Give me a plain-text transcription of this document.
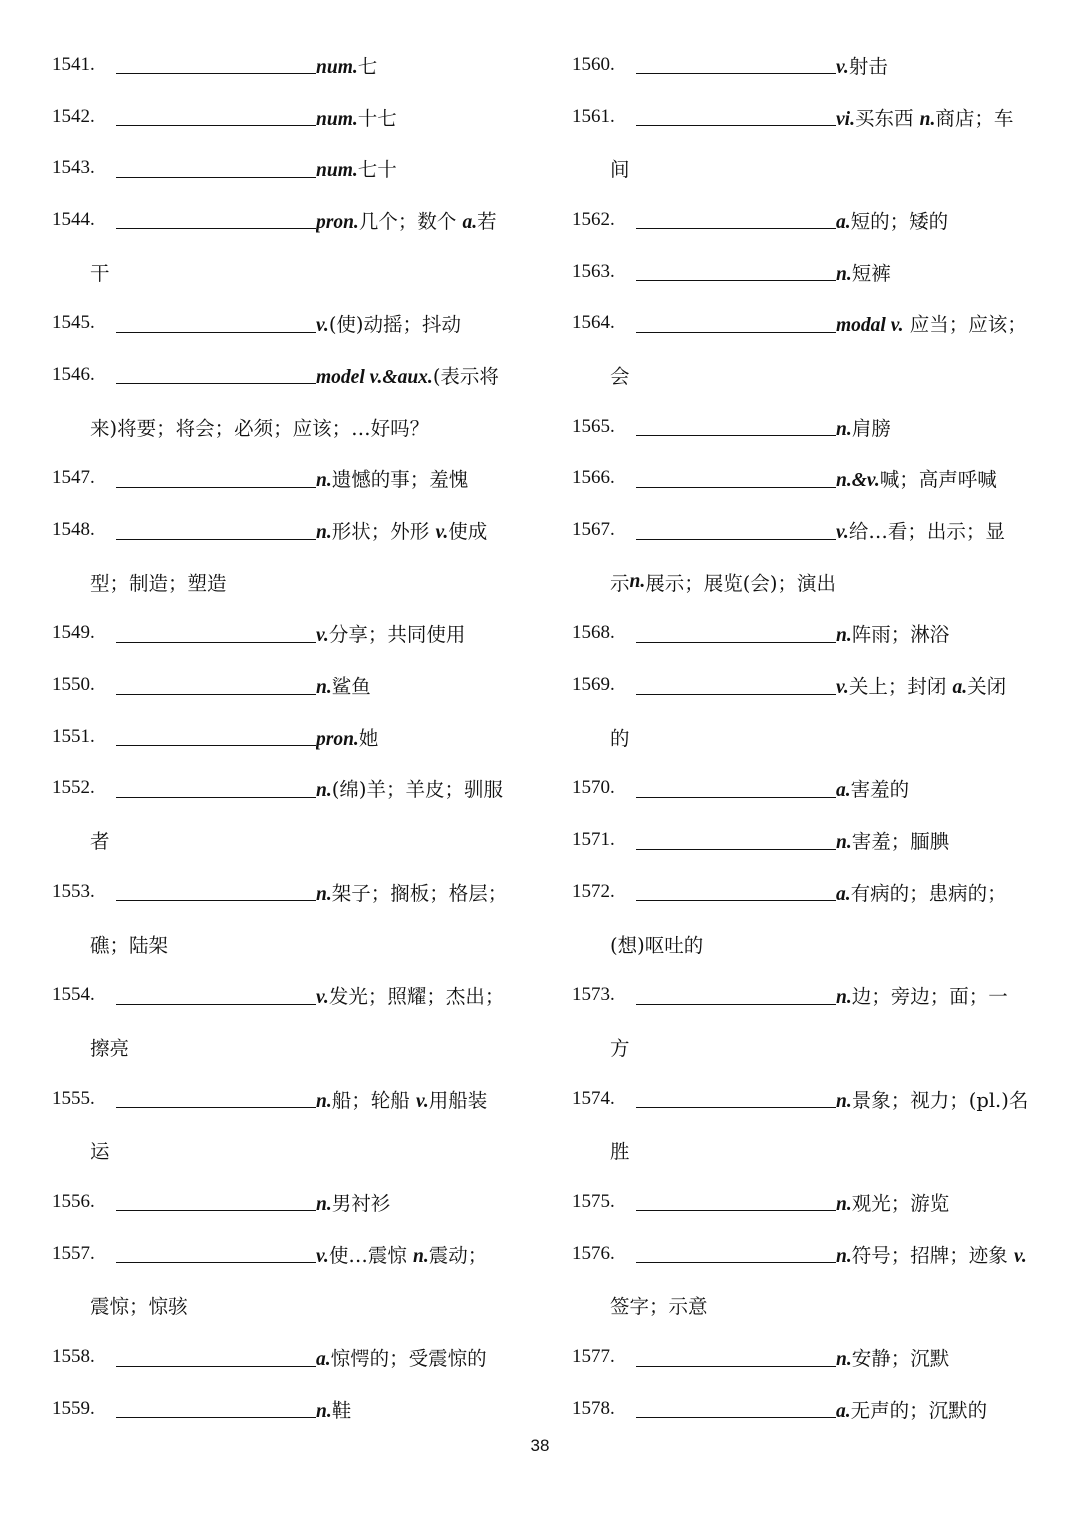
1541.	num.七
1542.	num.十七
1543.	num.七十
1544.	pron.几个；数个 a.若
干
1545.	v.(使)动摇；抖动
1546.	model v.&aux.(表示将
来)将要；将会；必须；应该；…好吗？
1547.	n.遗憾的事；羞愧
1548.	n.形状；外形 v.使成
型；制造；塑造
1549.	v.分享；共同使用
1550.	n.鲨鱼
1551.	pron.她
1552.	n.(绵)羊；羊皮；驯服
者
1553.	n.架子；搁板；格层；
礁；陆架
1554.	v.发光；照耀；杰出；
擦亮
1555.	n.船；轮船 v.用船装
运
1556.	n.男衬衫
1557.	v.使…震惊 n.震动；
震惊；惊骇
1558.	a.惊愕的；受震惊的
1559.	n.鞋
1560.	v.射击
1561.	vi.买东西 n.商店；车
间
1562.	a.短的；矮的
1563.	n.短裤
1564.	modal v. 应当；应该；
会
1565.	n.肩膀
1566.	n.&v.喊；高声呼喊
1567.	v.给…看；出示；显
示 n. 展示；展览(会)；演出
1568.	n.阵雨；淋浴
1569.	v.关上；封闭 a.关闭
的
1570.	a.害羞的
1571.	n.害羞；腼腆
1572.	a.有病的；患病的；
(想)呕吐的
1573.	n.边；旁边；面；一
方
1574.	n.景象；视力；(pl.)名
胜
1575.	n.观光；游览
1576.	n.符号；招牌；迹象 v.
签字；示意
1577.	n.安静；沉默
1578.	a.无声的；沉默的
38
